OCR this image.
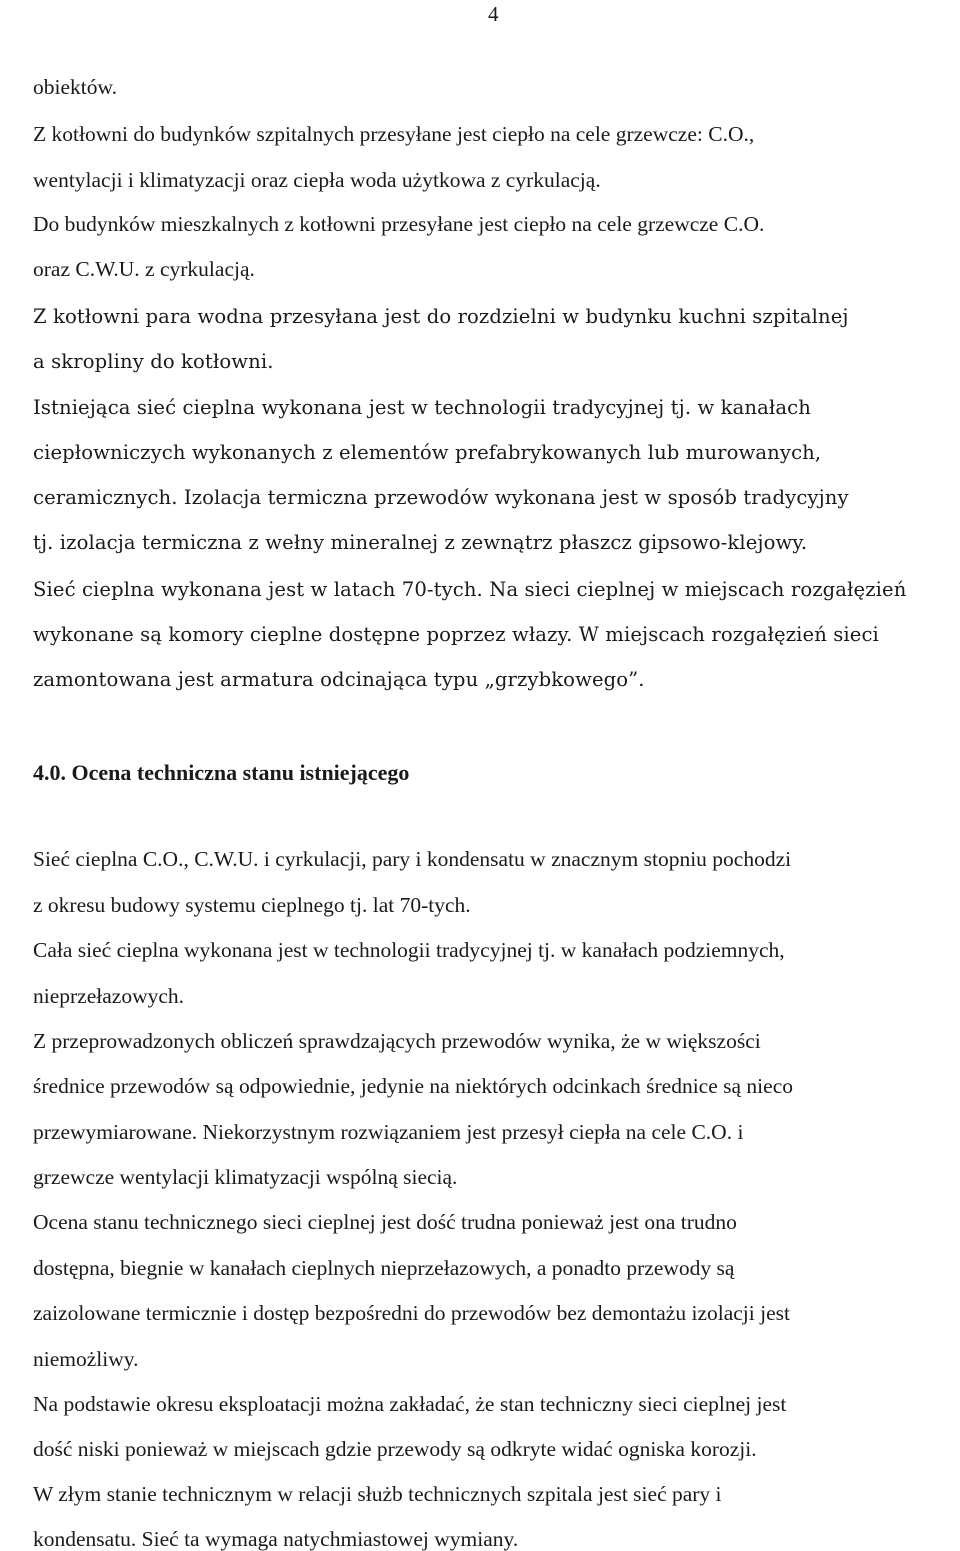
4
obiektów.
Z kotłowni do budynków szpitalnych przesyłane jest ciepło na cele grzewcze: C.O.,
wentylacji i klimatyzacji oraz ciepła woda użytkowa z cyrkulacją.
Do budynków mieszkalnych z kotłowni przesyłane jest ciepło na cele grzewcze C.O.
oraz C.W.U. z cyrkulacją.
Z kotłowni para wodna przesyłana jest do rozdzielni w budynku kuchni szpitalnej
a skropliny do kotłowni.
Istniejąca sieć cieplna wykonana jest w technologii tradycyjnej tj. w kanałach
ciepłowniczych wykonanych z elementów prefabrykowanych lub murowanych,
ceramicznych. Izolacja termiczna przewodów wykonana jest w sposób tradycyjny
tj. izolacja termiczna z wełny mineralnej z zewnątrz płaszcz gipsowo-klejowy.
Sieć cieplna wykonana jest w latach 70-tych. Na sieci cieplnej w miejscach rozgałęzień
wykonane są komory cieplne dostępne poprzez włazy. W miejscach rozgałęzień sieci
zamontowana jest armatura odcinająca typu „grzybkowego”.
4.0. Ocena techniczna stanu istniejącego
Sieć cieplna C.O., C.W.U. i cyrkulacji, pary i kondensatu w znacznym stopniu pochodzi
z okresu budowy systemu cieplnego tj. lat 70-tych.
Cała sieć cieplna wykonana jest w technologii tradycyjnej tj. w kanałach podziemnych,
nieprzełazowych.
Z przeprowadzonych obliczeń sprawdzających przewodów wynika, że w większości
średnice przewodów są odpowiednie, jedynie na niektórych odcinkach średnice są nieco
przewymiarowane. Niekorzystnym rozwiązaniem jest przesył ciepła na cele C.O. i
grzewcze wentylacji klimatyzacji wspólną siecią.
Ocena stanu technicznego sieci cieplnej jest dość trudna ponieważ jest ona trudno
dostępna, biegnie w kanałach cieplnych nieprzełazowych, a ponadto przewody są
zaizolowane termicznie i dostęp bezpośredni do przewodów bez demontażu izolacji jest
niemożliwy.
Na podstawie okresu eksploatacji można zakładać, że stan techniczny sieci cieplnej jest
dość niski ponieważ w miejscach gdzie przewody są odkryte widać ogniska korozji.
W złym stanie technicznym w relacji służb technicznych szpitala jest sieć pary i
kondensatu. Sieć ta wymaga natychmiastowej wymiany.
